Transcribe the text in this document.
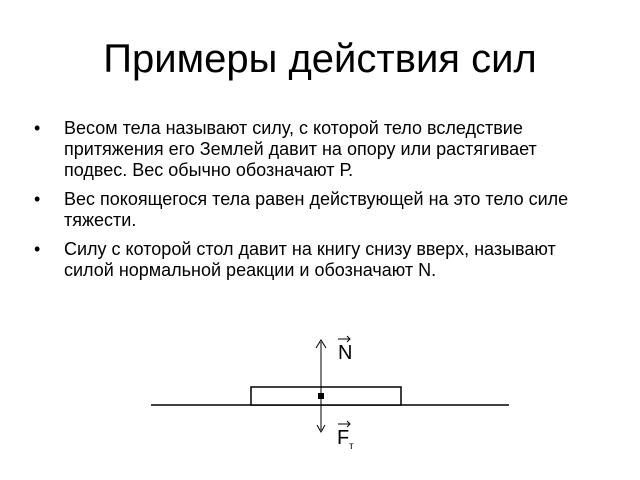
Примеры действия сил
• Весом тела называют силу, с которой тело вследствие притяжения его Землей давит на опору или растягивает подвес. Вес обычно обозначают Р.
• Вес покоящегося тела равен действующей на это тело силе тяжести.
• Силу с которой стол давит на книгу снизу вверх, называют силой нормальной реакции и обозначают N.
N
F т
